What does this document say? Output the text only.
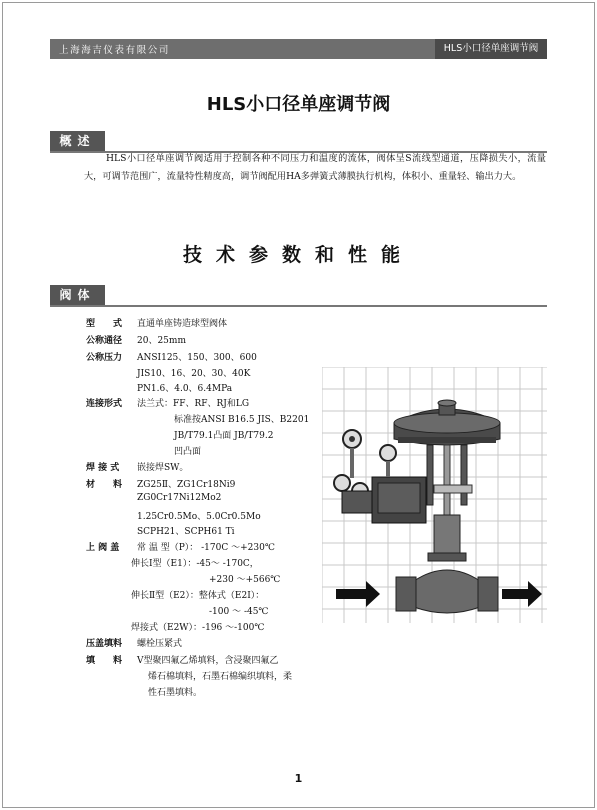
上海海吉仪表有限公司	HLS小口径单座调节阀
HLS小口径单座调节阀
概述
HLS小口径单座调节阀适用于控制各种不同压力和温度的流体，阀体呈S流线型通道，压降损失小，流量大，可调节范围广，流量特性精度高，调节阀配用HA多弹簧式薄膜执行机构，体积小、重量轻、输出力大。
技术参数和性能
阀体
型　　式
公称通径
公称压力
连接形式
焊 接 式
材　　料
上 阀 盖
压盖填料
填　　料
直通单座铸造球型阀体
20、25mm
ANSI125、150、300、600
JIS10、16、20、30、40K
PN1.6、4.0、6.4MPa
法兰式：FF、RF、RJ和LG
标准按ANSI B16.5 JIS、B2201
JB/T79.1凸面 JB/T79.2
凹凸面
嵌接焊SW。
ZG25Ⅱ、ZG1Cr18Ni9
ZG0Cr17Ni12Mo2
1.25Cr0.5Mo、5.0Cr0.5Mo
SCPH21、SCPH61 Ti
常 温 型（P）： -170C ～+230℃
伸长Ⅰ型（E1）：-45～ -170C，
+230 ～+566℃
伸长Ⅱ型（E2）：整体式（E2I）：
-100 ～ -45℃
焊接式（E2W）：-196 ～-100℃
螺栓压紧式
V型聚四氟乙烯填料，含浸聚四氟乙
烯石棉填料，石墨石棉编织填料，柔
性石墨填料。
1
